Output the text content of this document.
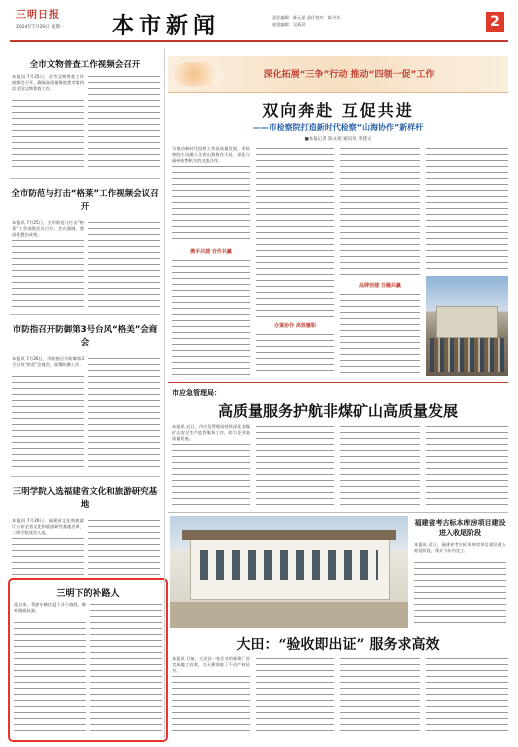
三明日报
2024年7月29日 星期一 本市新闻	责任编辑：陈元星 责任校对：陈丹芳
视觉编辑：吴燕萍	2
全市文物普查工作视频会召开
本报讯 7月25日，全市文物普查工作视频会召开，确保高质量推进我市第四次全国文物普查工作。
全市防范与打击“格莱”工作视频会议召开
本报讯 7月25日，全市防范与打击“格莱”工作视频会议召开。会议强调，要深化整治成效。
市防指召开防御第3号台风“格美”会商会
本报讯 7月26日，市防指召开防御第3号台风“格美”会商会，部署防御工作。
三明学院入选福建省文化和旅游研究基地
本报讯 7月26日，福建省文化和旅游厅公布全省文化和旅游研究基地名单，三明学院成功入选。
三明下的补路人
连日来，驾驶车辆往返于各个路段，修补路面坑洞。
深化拓展“三争”行动 推动“四领一促”工作
双向奔赴 互促共进
——市检察院打造新时代检察“山海协作”新样杆
■本报记者 陈文娟 通讯员 李建文
为推动新时代检察工作高质量发展，市检察院主动融入全省山海协作大局，深化与福州检察机关的交流合作。
携手共建 合作共赢
办案协作 高效履职
品牌创建 互融共赢
市应急管理局：
高质量服务护航非煤矿山高质量发展
本报讯 近日，市应急管理局持续深化非煤矿山安全生产监管服务工作，助力企业高质量发展。
福建省考古标本库房项目建设进入收尾阶段
本报讯 近日，福建省考古标本库房项目建设进入收尾阶段，预计今年内完工。
大田：“验收即出证” 服务求高效
本报讯 日前，大田县一家企业的新建厂房完成竣工验收，当天便领取了不动产权证书。
